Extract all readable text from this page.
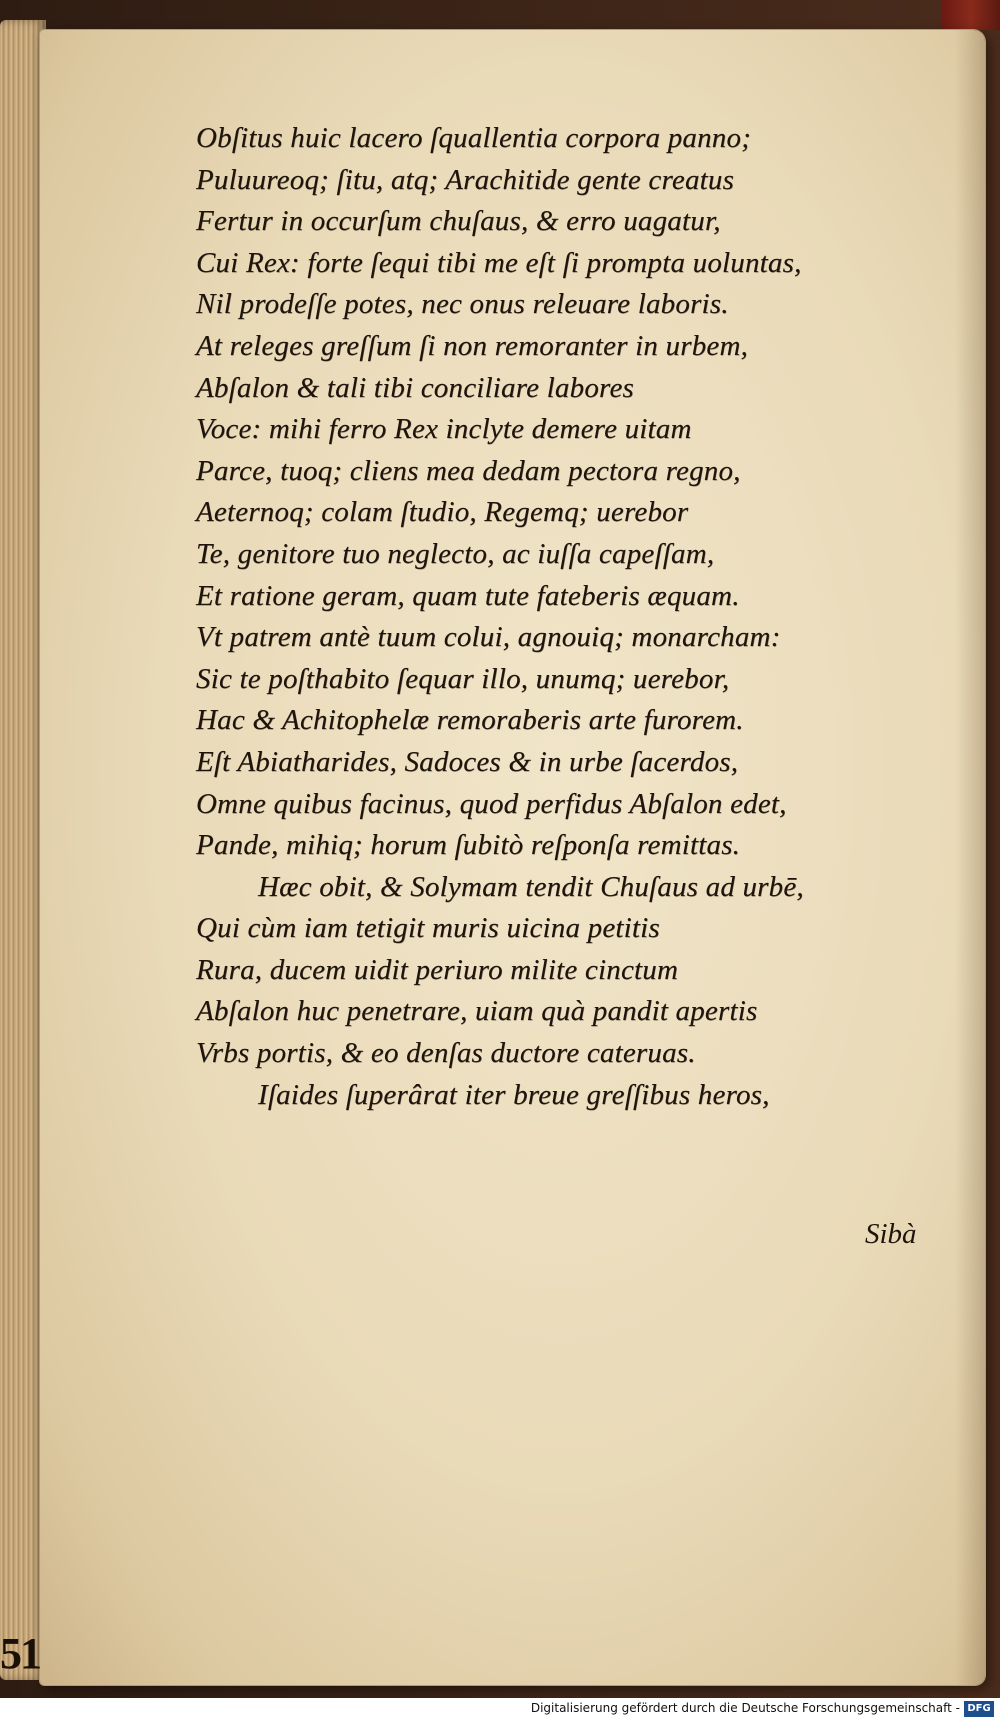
Obſitus huic lacero ſquallentia corpora panno;
Puluureoq; ſitu, atq; Arachitide gente creatus
Fertur in occurſum chuſaus, & erro uagatur,
Cui Rex: forte ſequi tibi me eſt ſi prompta uoluntas,
Nil prodeſſe potes, nec onus releuare laboris.
At releges greſſum ſi non remoranter in urbem,
Abſalon & tali tibi conciliare labores
Voce: mihi ferro Rex inclyte demere uitam
Parce, tuoq; cliens mea dedam pectora regno,
Aeternoq; colam ſtudio, Regemq; uerebor
Te, genitore tuo neglecto, ac iuſſa capeſſam,
Et ratione geram, quam tute fateberis æquam.
Vt patrem antè tuum colui, agnouiq; monarcham:
Sic te poſthabito ſequar illo, unumq; uerebor,
Hac & Achitophelæ remoraberis arte furorem.
Eſt Abiatharides, Sadoces & in urbe ſacerdos,
Omne quibus facinus, quod perfidus Abſalon edet,
Pande, mihiq; horum ſubitò reſponſa remittas.
Hæc obit, & Solymam tendit Chuſaus ad urbē,
Qui cùm iam tetigit muris uicina petitis
Rura, ducem uidit periuro milite cinctum
Abſalon huc penetrare, uiam quà pandit apertis
Vrbs portis, & eo denſas ductore cateruas.
Iſaides ſuperârat iter breue greſſibus heros,
Sibà
51
Digitalisierung gefördert durch die Deutsche Forschungsgemeinschaft - DFG
